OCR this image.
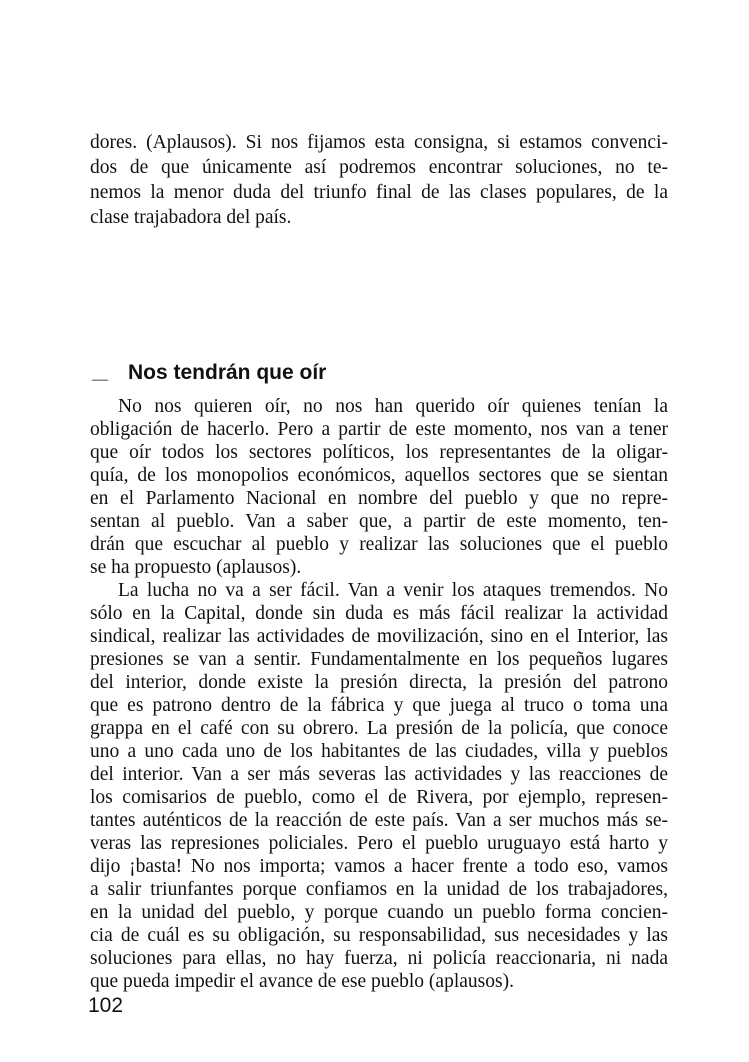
dores. (Aplausos). Si nos fijamos esta consigna, si estamos convenci-
dos de que únicamente así podremos encontrar soluciones, no te-
nemos la menor duda del triunfo final de las clases populares, de la
clase trajabadora del país.
— Nos tendrán que oír
No nos quieren oír, no nos han querido oír quienes tenían la
obligación de hacerlo. Pero a partir de este momento, nos van a tener
que oír todos los sectores políticos, los representantes de la oligar-
quía, de los monopolios económicos, aquellos sectores que se sientan
en el Parlamento Nacional en nombre del pueblo y que no repre-
sentan al pueblo. Van a saber que, a partir de este momento, ten-
drán que escuchar al pueblo y realizar las soluciones que el pueblo
se ha propuesto (aplausos).
La lucha no va a ser fácil. Van a venir los ataques tremendos. No
sólo en la Capital, donde sin duda es más fácil realizar la actividad
sindical, realizar las actividades de movilización, sino en el Interior, las
presiones se van a sentir. Fundamentalmente en los pequeños lugares
del interior, donde existe la presión directa, la presión del patrono
que es patrono dentro de la fábrica y que juega al truco o toma una
grappa en el café con su obrero. La presión de la policía, que conoce
uno a uno cada uno de los habitantes de las ciudades, villa y pueblos
del interior. Van a ser más severas las actividades y las reacciones de
los comisarios de pueblo, como el de Rivera, por ejemplo, represen-
tantes auténticos de la reacción de este país. Van a ser muchos más se-
veras las represiones policiales. Pero el pueblo uruguayo está harto y
dijo ¡basta! No nos importa; vamos a hacer frente a todo eso, vamos
a salir triunfantes porque confiamos en la unidad de los trabajadores,
en la unidad del pueblo, y porque cuando un pueblo forma concien-
cia de cuál es su obligación, su responsabilidad, sus necesidades y las
soluciones para ellas, no hay fuerza, ni policía reaccionaria, ni nada
que pueda impedir el avance de ese pueblo (aplausos).
102
